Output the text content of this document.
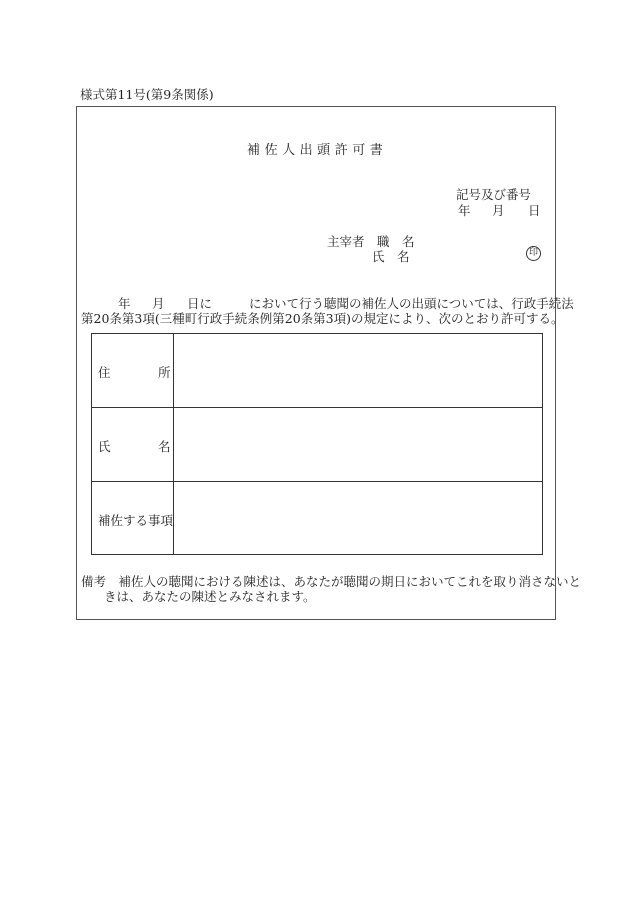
様式第11号(第9条関係)
補 佐 人 出 頭 許 可 書
記号及び番号
年 月 日
主宰者　職　名
氏　名	印
年 月 日に	において行う聴聞の補佐人の出頭については、行政手続法
第20条第3項(三種町行政手続条例第20条第3項)の規定により、次のとおり許可する。
住	所
氏	名
補佐する事項
備考　補佐人の聴聞における陳述は、あなたが聴聞の期日においてこれを取り消さないと
きは、あなたの陳述とみなされます。
